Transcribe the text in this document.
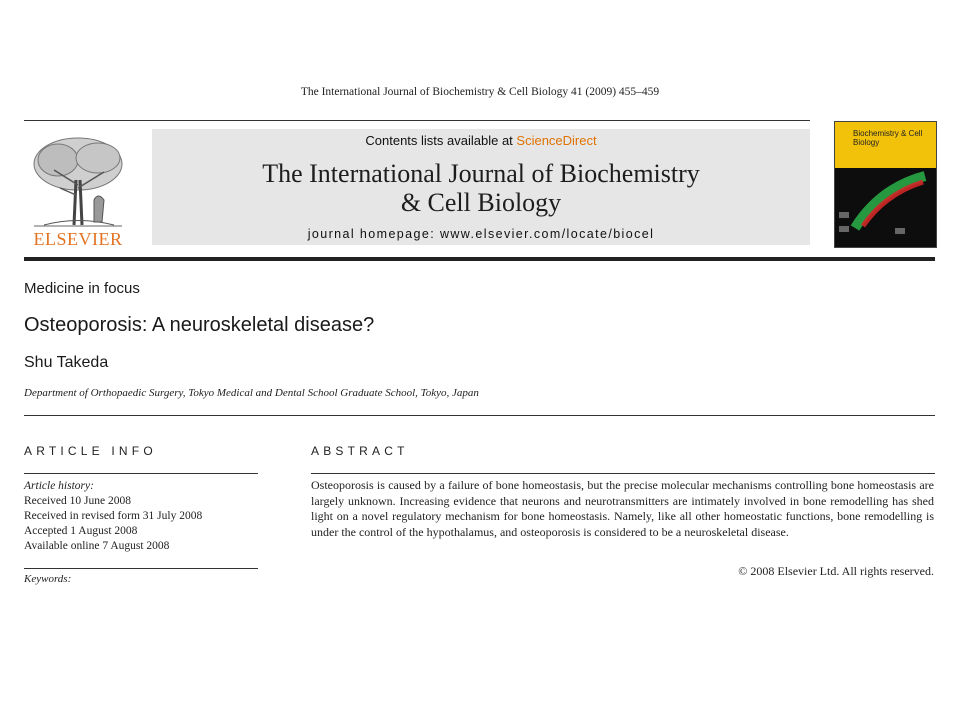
The International Journal of Biochemistry & Cell Biology 41 (2009) 455–459
ELSEVIER
Contents lists available at ScienceDirect
The International Journal of Biochemistry
& Cell Biology
journal homepage: www.elsevier.com/locate/biocel
Biochemistry & Cell Biology
Medicine in focus
Osteoporosis: A neuroskeletal disease?
Shu Takeda
Department of Orthopaedic Surgery, Tokyo Medical and Dental School Graduate School, Tokyo, Japan
ARTICLE INFO	ABSTRACT
Article history:
Received 10 June 2008
Received in revised form 31 July 2008
Accepted 1 August 2008
Available online 7 August 2008
Keywords:
Osteoporosis is caused by a failure of bone homeostasis, but the precise molecular mechanisms controlling bone homeostasis are largely unknown. Increasing evidence that neurons and neurotransmitters are intimately involved in bone remodelling has shed light on a novel regulatory mechanism for bone homeostasis. Namely, like all other homeostatic functions, bone remodelling is under the control of the hypothalamus, and osteoporosis is considered to be a neuroskeletal disease.
© 2008 Elsevier Ltd. All rights reserved.
